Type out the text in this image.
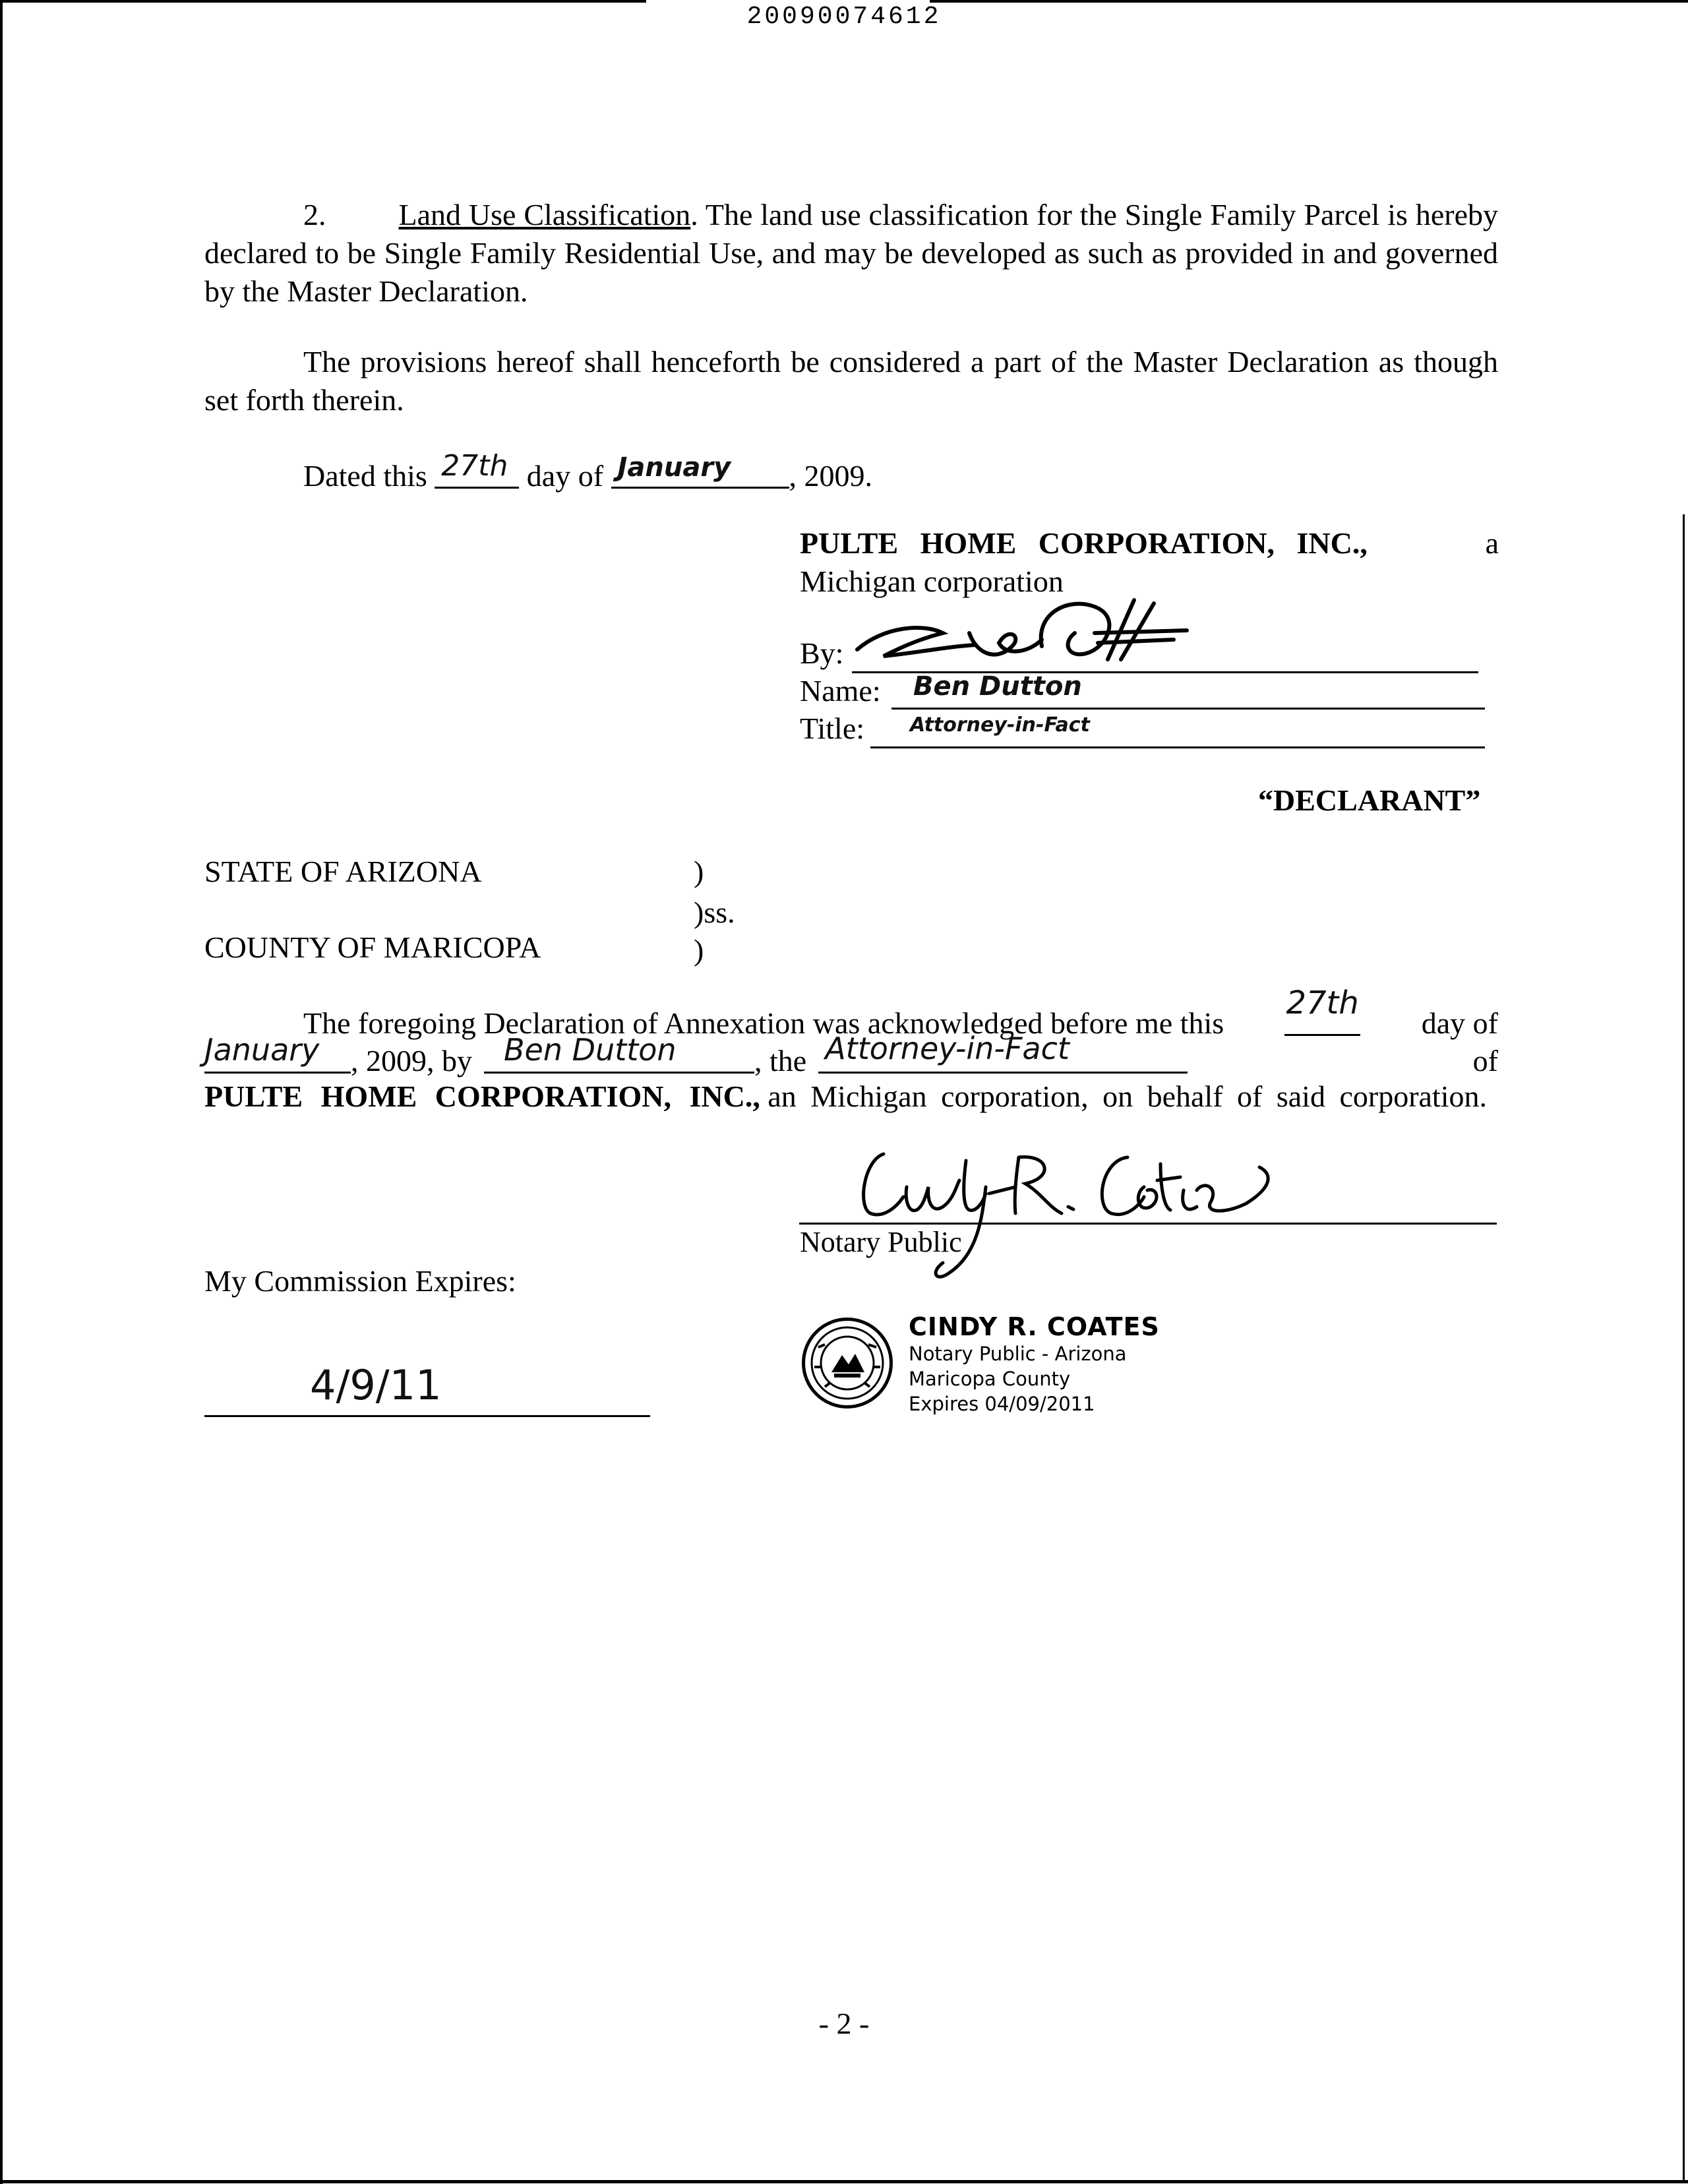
20090074612
2. Land Use Classification. The land use classification for the Single Family Parcel is hereby declared to be Single Family Residential Use, and may be developed as such as provided in and governed by the Master Declaration.
The provisions hereof shall henceforth be considered a part of the Master Declaration as though set forth therein.
Dated this 27th day of January , 2009.
PULTE HOME CORPORATION, INC.,	a
Michigan corporation
By:
Name: Ben Dutton
Title: Attorney-in-Fact
“DECLARANT”
STATE OF ARIZONA	)
)ss.
COUNTY OF MARICOPA	)
The foregoing Declaration of Annexation was acknowledged before me this
27th
day of
January , 2009, by Ben Dutton	, the Attorney-in-Fact	of
PULTE HOME CORPORATION, INC., an Michigan corporation, on behalf of said corporation.
Notary Public
My Commission Expires:
4/9/11
CINDY R. COATES
Notary Public - Arizona
Maricopa County
Expires 04/09/2011
- 2 -
